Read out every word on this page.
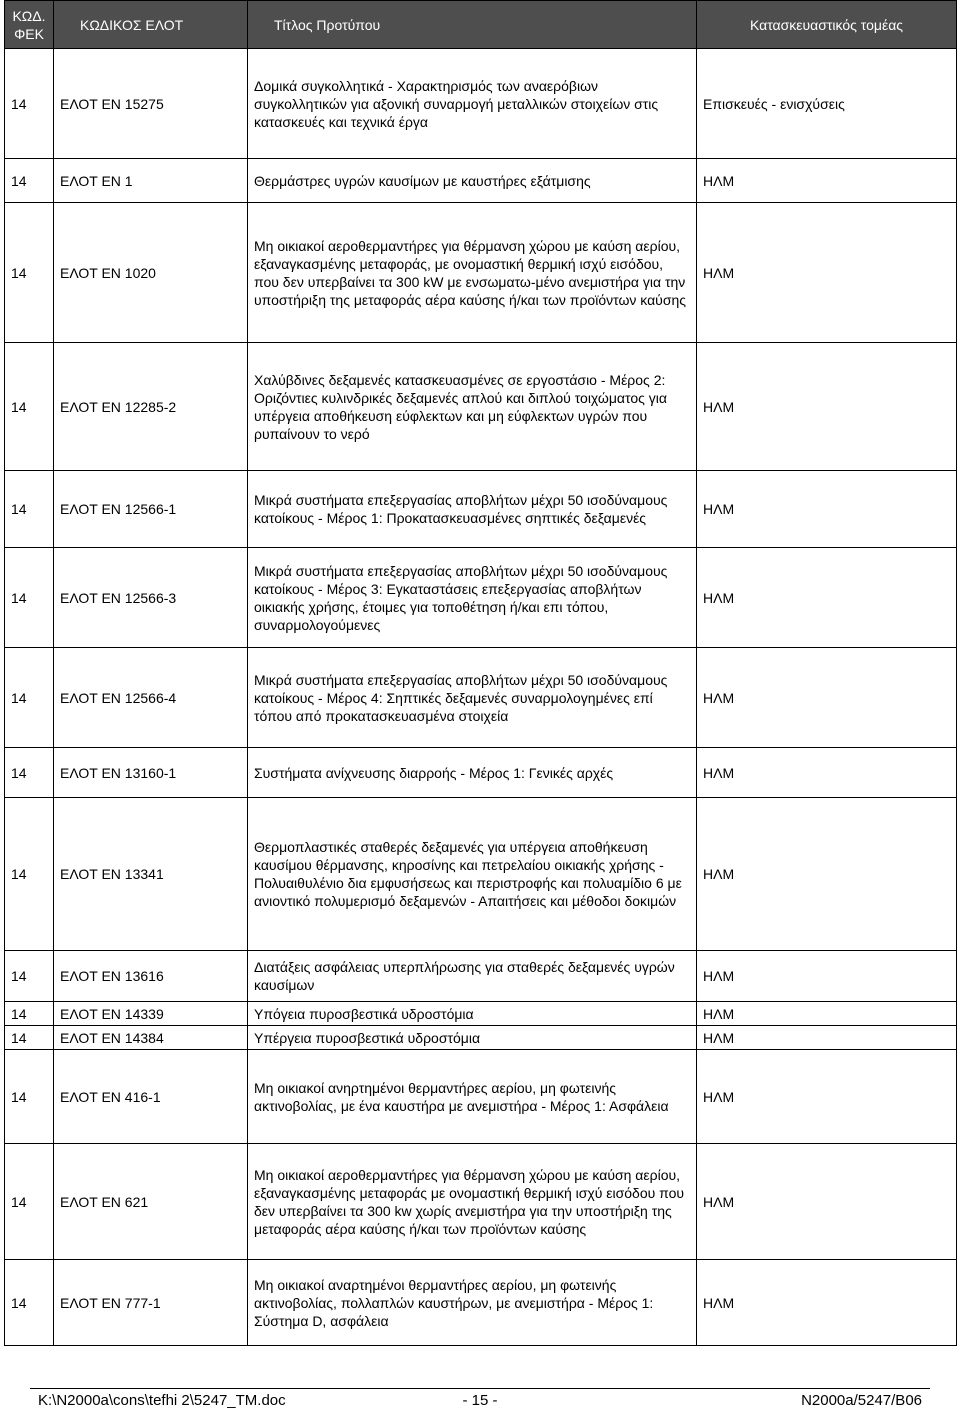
ΚΩΔ. ΦΕΚ	ΚΩΔΙΚΟΣ ΕΛΟΤ	Τίτλος Προτύπου	Κατασκευαστικός τομέας
14	ΕΛΟΤ ΕΝ 15275	Δομικά συγκολλητικά - Χαρακτηρισμός των αναερόβιων συγκολλητικών για αξονική συναρμογή μεταλλικών στοιχείων στις κατασκευές και τεχνικά έργα	Επισκευές - ενισχύσεις
14	ΕΛΟΤ ΕΝ 1	Θερμάστρες υγρών καυσίμων με καυστήρες εξάτμισης	ΗΛΜ
14	ΕΛΟΤ ΕΝ 1020	Μη οικιακοί αεροθερμαντήρες για θέρμανση χώρου με καύση αερίου, εξαναγκασμένης μεταφοράς, με ονομαστική θερμική ισχύ εισόδου, που δεν υπερβαίνει τα 300 kW με ενσωματω-μένο ανεμιστήρα για την υποστήριξη της μεταφοράς αέρα καύσης ή/και των προϊόντων καύσης	ΗΛΜ
14	ΕΛΟΤ ΕΝ 12285-2	Χαλύβδινες δεξαμενές κατασκευασμένες σε εργοστάσιο - Μέρος 2: Οριζόντιες κυλινδρικές δεξαμενές απλού και διπλού τοιχώματος για υπέργεια αποθήκευση εύφλεκτων και μη εύφλεκτων υγρών που ρυπαίνουν το νερό	ΗΛΜ
14	ΕΛΟΤ ΕΝ 12566-1	Μικρά συστήματα επεξεργασίας αποβλήτων μέχρι 50 ισοδύναμους κατοίκους - Μέρος 1: Προκατασκευασμένες σηπτικές δεξαμενές	ΗΛΜ
14	ΕΛΟΤ ΕΝ 12566-3	Μικρά συστήματα επεξεργασίας αποβλήτων μέχρι 50 ισοδύναμους κατοίκους - Μέρος 3: Εγκαταστάσεις επεξεργασίας αποβλήτων οικιακής χρήσης, έτοιμες για τοποθέτηση ή/και επι τόπου, συναρμολογούμενες	ΗΛΜ
14	ΕΛΟΤ ΕΝ 12566-4	Μικρά συστήματα επεξεργασίας αποβλήτων μέχρι 50 ισοδύναμους κατοίκους - Μέρος 4: Σηπτικές δεξαμενές συναρμολογημένες επί τόπου από προκατασκευασμένα στοιχεία	ΗΛΜ
14	ΕΛΟΤ ΕΝ 13160-1	Συστήματα ανίχνευσης διαρροής - Μέρος 1: Γενικές αρχές	ΗΛΜ
14	ΕΛΟΤ ΕΝ 13341	Θερμοπλαστικές σταθερές δεξαμενές για υπέργεια αποθήκευση καυσίμου θέρμανσης, κηροσίνης και πετρελαίου οικιακής χρήσης - Πολυαιθυλένιο δια εμφυσήσεως και περιστροφής και πολυαμίδιο 6 με ανιοντικό πολυμερισμό δεξαμενών - Απαιτήσεις και μέθοδοι δοκιμών	ΗΛΜ
14	ΕΛΟΤ ΕΝ 13616	Διατάξεις ασφάλειας υπερπλήρωσης για σταθερές δεξαμενές υγρών καυσίμων	ΗΛΜ
14	ΕΛΟΤ ΕΝ 14339	Υπόγεια πυροσβεστικά υδροστόμια	ΗΛΜ
14	ΕΛΟΤ ΕΝ 14384	Υπέργεια πυροσβεστικά υδροστόμια	ΗΛΜ
14	ΕΛΟΤ ΕΝ 416-1	Μη οικιακοί ανηρτημένοι θερμαντήρες αερίου, μη φωτεινής ακτινοβολίας, με ένα καυστήρα με ανεμιστήρα - Μέρος 1: Ασφάλεια	ΗΛΜ
14	ΕΛΟΤ ΕΝ 621	Μη οικιακοί αεροθερμαντήρες για θέρμανση χώρου με καύση αερίου, εξαναγκασμένης μεταφοράς με ονομαστική θερμική ισχύ εισόδου που δεν υπερβαίνει τα 300 kw χωρίς ανεμιστήρα για την υποστήριξη της μεταφοράς αέρα καύσης ή/και των προϊόντων καύσης	ΗΛΜ
14	ΕΛΟΤ ΕΝ 777-1	Μη οικιακοί αναρτημένοι θερμαντήρες αερίου, μη φωτεινής ακτινοβολίας, πολλαπλών καυστήρων, με ανεμιστήρα - Μέρος 1: Σύστημα D, ασφάλεια	ΗΛΜ
K:\N2000a\cons\tefhi 2\5247_TM.doc	- 15 -	N2000a/5247/B06
